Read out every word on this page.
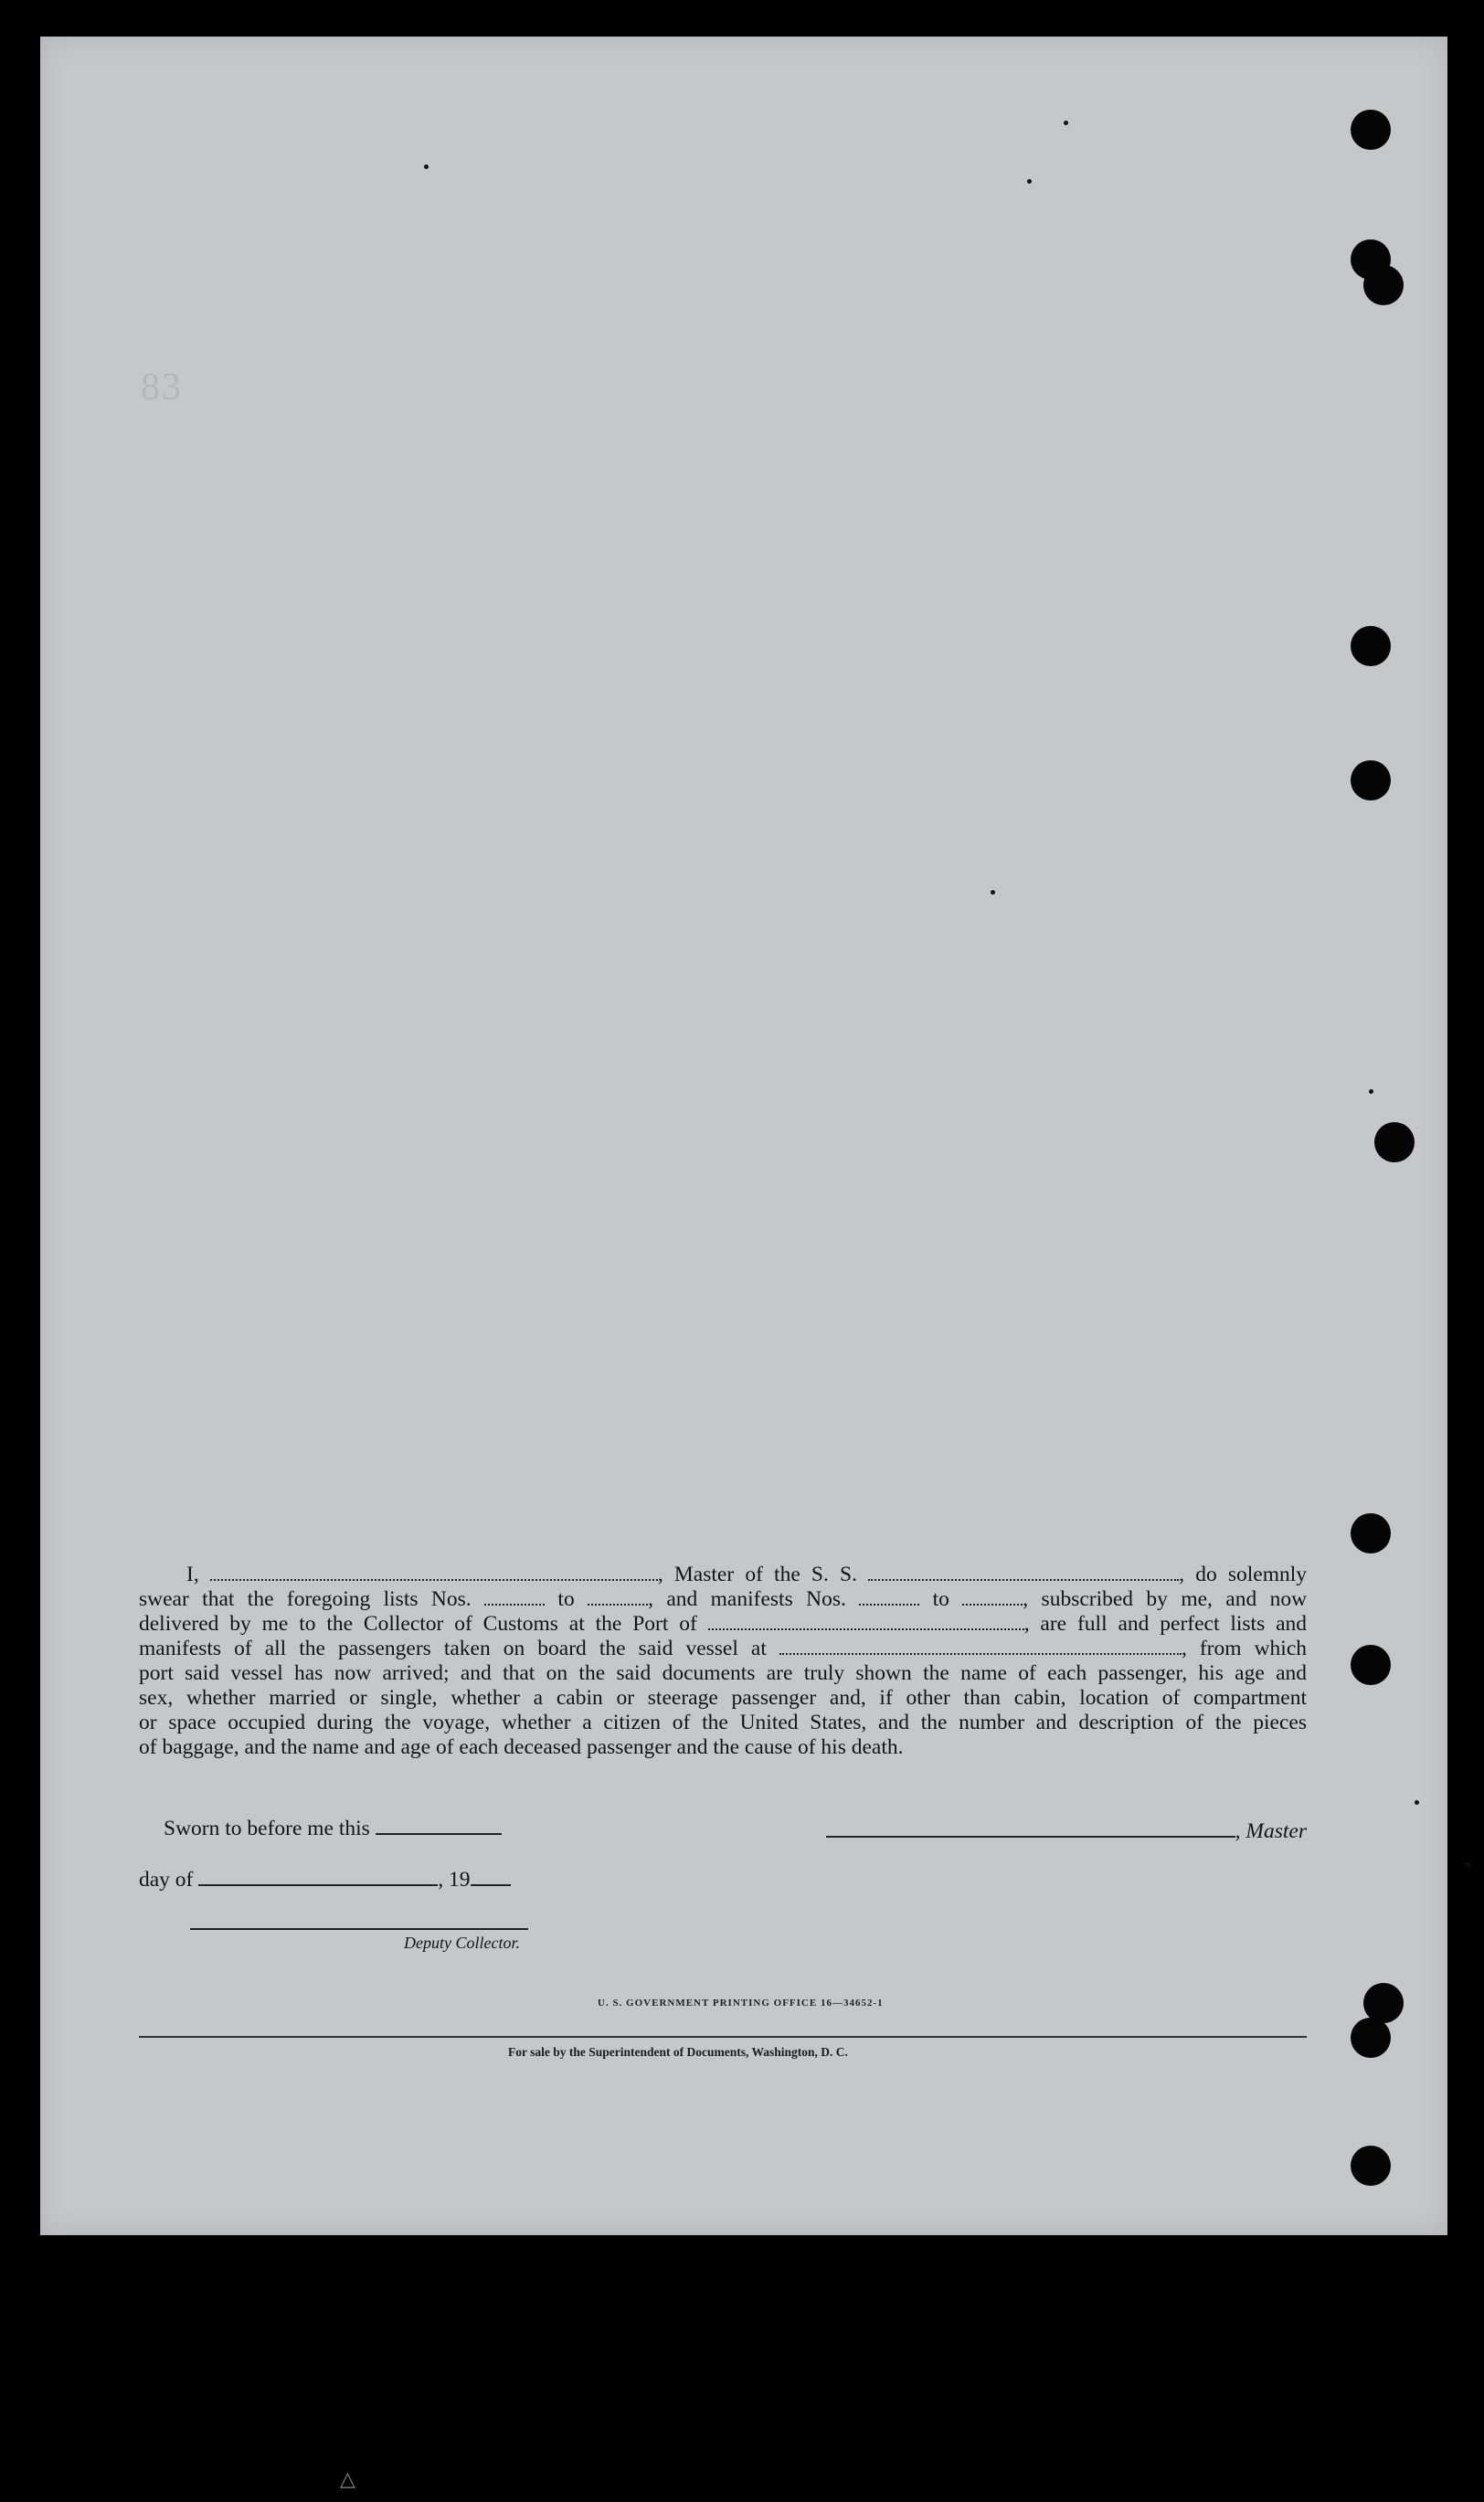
83
I,	, Master of the S. S.	, do solemnly
swear that the foregoing lists Nos.	to	, and manifests Nos.	to	, subscribed by me, and now
delivered by me to the Collector of Customs at the Port of	, are full and perfect lists and
manifests of all the passengers taken on board the said vessel at	, from which
port said vessel has now arrived; and that on the said documents are truly shown the name of each passenger, his age and
sex, whether married or single, whether a cabin or steerage passenger and, if other than cabin, location of compartment
or space occupied during the voyage, whether a citizen of the United States, and the number and description of the pieces
of baggage, and the name and age of each deceased passenger and the cause of his death.
Sworn to before me this	, Master
day of	, 19
Deputy Collector.
U. S. GOVERNMENT PRINTING OFFICE 16—34652-1
For sale by the Superintendent of Documents, Washington, D. C.
△
